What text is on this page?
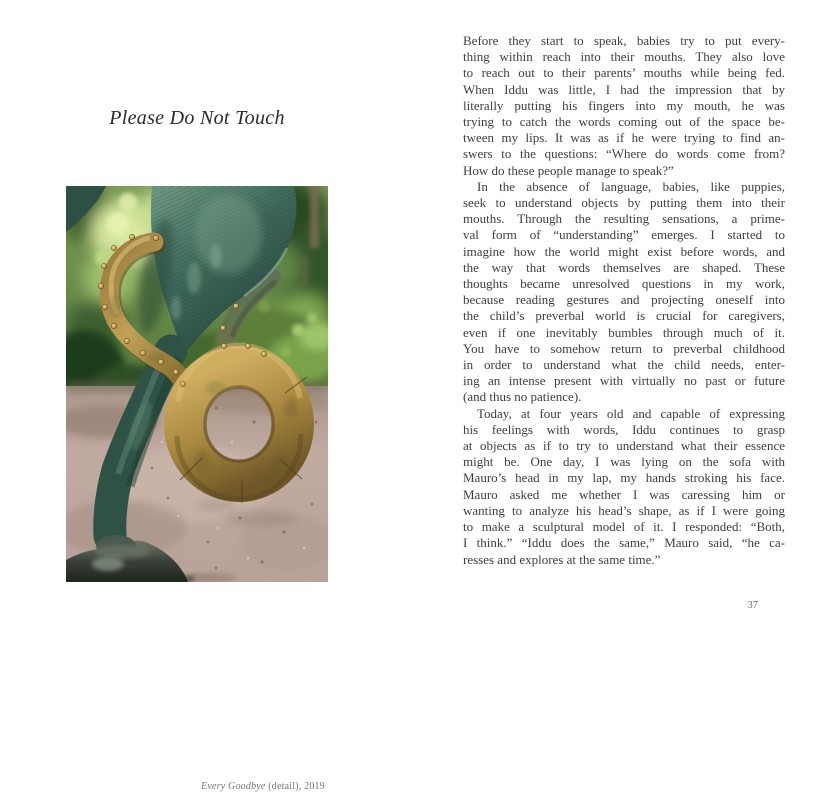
Please Do Not Touch
Every Goodbye (detail), 2019
Before they start to speak, babies try to put every-
thing within reach into their mouths. They also love
to reach out to their parents’ mouths while being fed.
When Iddu was little, I had the impression that by
literally putting his fingers into my mouth, he was
trying to catch the words coming out of the space be-
tween my lips. It was as if he were trying to find an-
swers to the questions: “Where do words come from?
How do these people manage to speak?”
In the absence of language, babies, like puppies,
seek to understand objects by putting them into their
mouths. Through the resulting sensations, a prime-
val form of “understanding” emerges. I started to
imagine how the world might exist before words, and
the way that words themselves are shaped. These
thoughts became unresolved questions in my work,
because reading gestures and projecting oneself into
the child’s preverbal world is crucial for caregivers,
even if one inevitably bumbles through much of it.
You have to somehow return to preverbal childhood
in order to understand what the child needs, enter-
ing an intense present with virtually no past or future
(and thus no patience).
Today, at four years old and capable of expressing
his feelings with words, Iddu continues to grasp
at objects as if to try to understand what their essence
might be. One day, I was lying on the sofa with
Mauro’s head in my lap, my hands stroking his face.
Mauro asked me whether I was caressing him or
wanting to analyze his head’s shape, as if I were going
to make a sculptural model of it. I responded: “Both,
I think.” “Iddu does the same,” Mauro said, “he ca-
resses and explores at the same time.”
37
